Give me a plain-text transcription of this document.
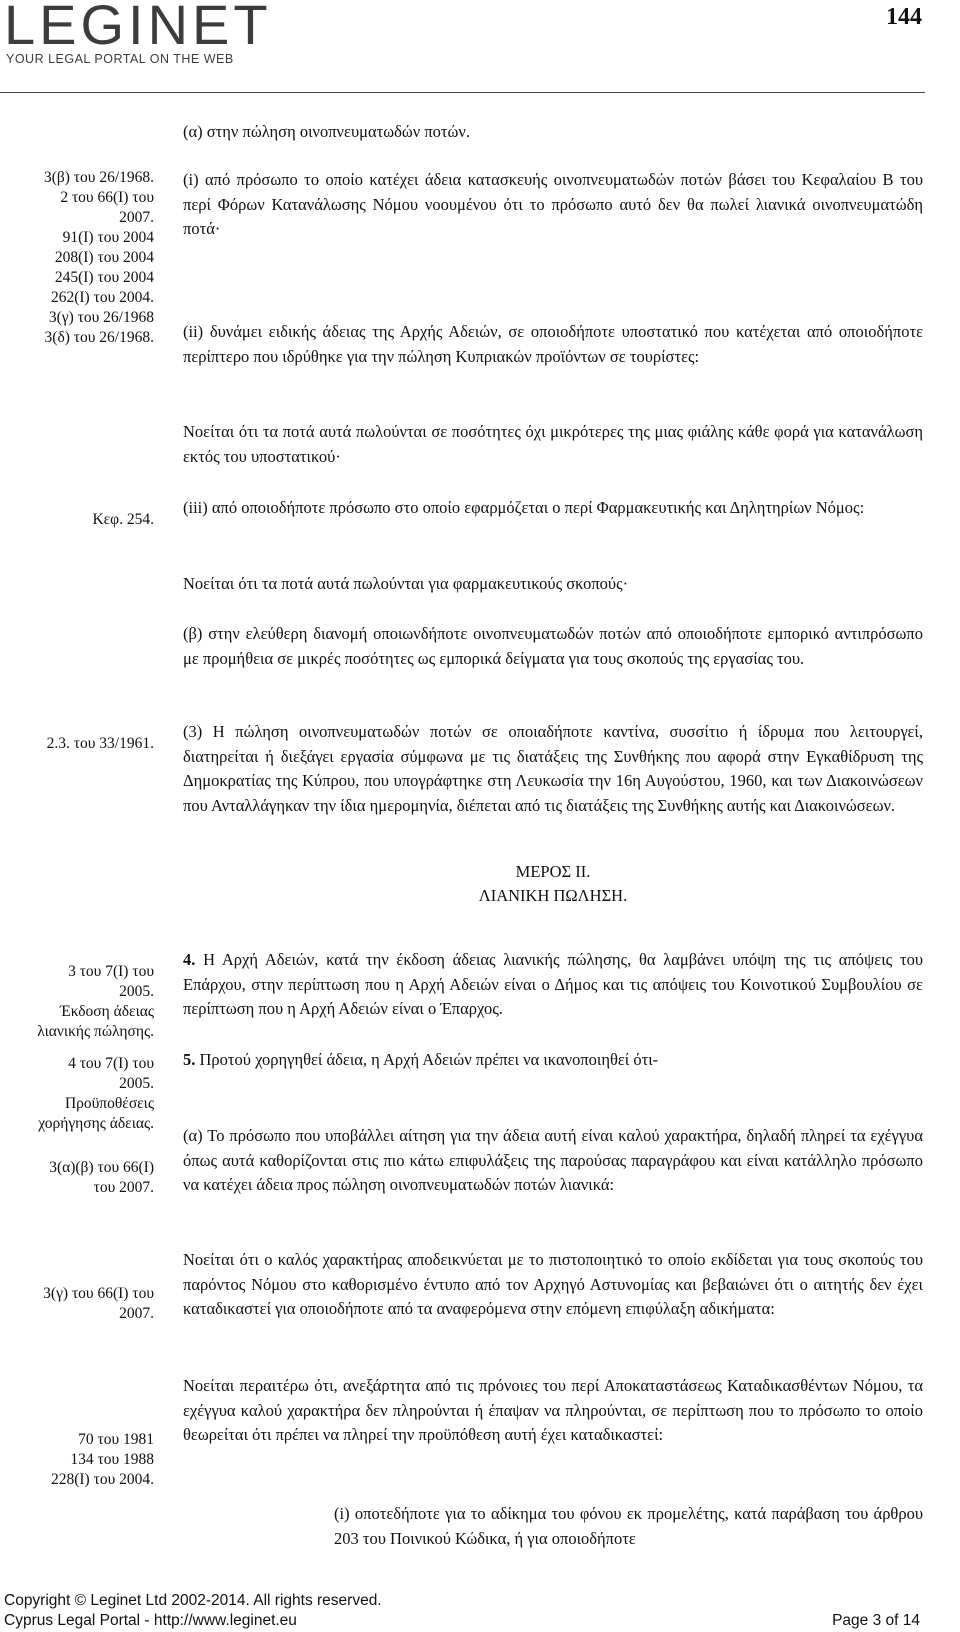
LEGINET
YOUR LEGAL PORTAL ON THE WEB
144
3(β) του 26/1968.
2 του 66(Ι) του
2007.
91(Ι) του 2004
208(Ι) του 2004
245(Ι) του 2004
262(Ι) του 2004.
3(γ) του 26/1968
3(δ) του 26/1968.
Κεφ. 254.
2.3. του 33/1961.
3 του 7(Ι) του
2005.
Έκδοση άδειας
λιανικής πώλησης.
4 του 7(Ι) του
2005.
Προϋποθέσεις
χορήγησης άδειας.
3(α)(β) του 66(Ι)
του 2007.
3(γ) του 66(Ι) του
2007.
70 του 1981
134 του 1988
228(Ι) του 2004.

(α) στην πώληση οινοπνευματωδών ποτών.

(i) από πρόσωπο το οποίο κατέχει άδεια κατασκευής οινοπνευματωδών ποτών βάσει του Κεφαλαίου Β του περί Φόρων Κατανάλωσης Νόμου νοουμένου ότι το πρόσωπο αυτό δεν θα πωλεί λιανικά οινοπνευματώδη ποτά·

(ii) δυνάμει ειδικής άδειας της Αρχής Αδειών, σε οποιοδήποτε υποστατικό που κατέχεται από οποιοδήποτε περίπτερο που ιδρύθηκε για την πώληση Κυπριακών προϊόντων σε τουρίστες:

Νοείται ότι τα ποτά αυτά πωλούνται σε ποσότητες όχι μικρότερες της μιας φιάλης κάθε φορά για κατανάλωση εκτός του υποστατικού·

(iii) από οποιοδήποτε πρόσωπο στο οποίο εφαρμόζεται ο περί Φαρμακευτικής και Δηλητηρίων Νόμος:

Νοείται ότι τα ποτά αυτά πωλούνται για φαρμακευτικούς σκοπούς·

(β) στην ελεύθερη διανομή οποιωνδήποτε οινοπνευματωδών ποτών από οποιοδήποτε εμπορικό αντιπρόσωπο με προμήθεια σε μικρές ποσότητες ως εμπορικά δείγματα για τους σκοπούς της εργασίας του.

(3) Η πώληση οινοπνευματωδών ποτών σε οποιαδήποτε καντίνα, συσσίτιο ή ίδρυμα που λειτουργεί, διατηρείται ή διεξάγει εργασία σύμφωνα με τις διατάξεις της Συνθήκης που αφορά στην Εγκαθίδρυση της Δημοκρατίας της Κύπρου, που υπογράφτηκε στη Λευκωσία την 16η Αυγούστου, 1960, και των Διακοινώσεων που Ανταλλάγηκαν την ίδια ημερομηνία, διέπεται από τις διατάξεις της Συνθήκης αυτής και Διακοινώσεων.

ΜΕΡΟΣ ΙΙ.

ΛΙΑΝΙΚΗ ΠΩΛΗΣΗ.

4. Η Αρχή Αδειών, κατά την έκδοση άδειας λιανικής πώλησης, θα λαμβάνει υπόψη της τις απόψεις του Επάρχου, στην περίπτωση που η Αρχή Αδειών είναι ο Δήμος και τις απόψεις του Κοινοτικού Συμβουλίου σε περίπτωση που η Αρχή Αδειών είναι ο Έπαρχος.

5. Προτού χορηγηθεί άδεια, η Αρχή Αδειών πρέπει να ικανοποιηθεί ότι-

(α) Το πρόσωπο που υποβάλλει αίτηση για την άδεια αυτή είναι καλού χαρακτήρα, δηλαδή πληρεί τα εχέγγυα όπως αυτά καθορίζονται στις πιο κάτω επιφυλάξεις της παρούσας παραγράφου και είναι κατάλληλο πρόσωπο να κατέχει άδεια προς πώληση οινοπνευματωδών ποτών λιανικά:

Νοείται ότι ο καλός χαρακτήρας αποδεικνύεται με το πιστοποιητικό το οποίο εκδίδεται για τους σκοπούς του παρόντος Νόμου στο καθορισμένο έντυπο από τον Αρχηγό Αστυνομίας και βεβαιώνει ότι ο αιτητής δεν έχει καταδικαστεί για οποιοδήποτε από τα αναφερόμενα στην επόμενη επιφύλαξη αδικήματα:

Νοείται περαιτέρω ότι, ανεξάρτητα από τις πρόνοιες του περί Αποκαταστάσεως Καταδικασθέντων Νόμου, τα εχέγγυα καλού χαρακτήρα δεν πληρούνται ή έπαψαν να πληρούνται, σε περίπτωση που το πρόσωπο το οποίο θεωρείται ότι πρέπει να πληρεί την προϋπόθεση αυτή έχει καταδικαστεί:

(i) οποτεδήποτε για το αδίκημα του φόνου εκ προμελέτης, κατά παράβαση του άρθρου 203 του Ποινικού Κώδικα, ή για οποιοδήποτε

Copyright © Leginet Ltd 2002-2014. All rights reserved.
Cyprus Legal Portal - http://www.leginet.eu	Page 3 of 14
